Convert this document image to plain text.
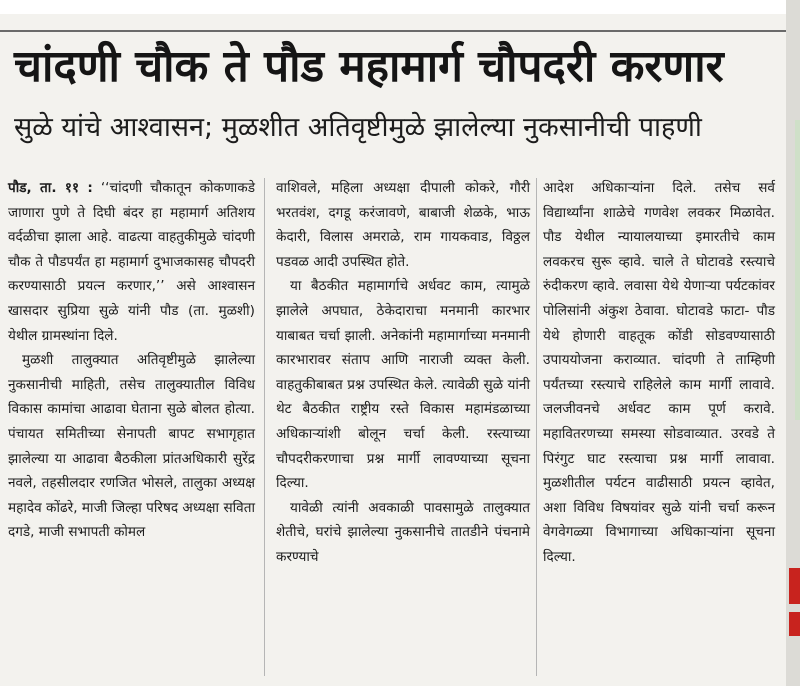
चांदणी चौक ते पौड महामार्ग चौपदरी करणार
सुळे यांचे आश्वासन; मुळशीत अतिवृष्टीमुळे झालेल्या नुकसानीची पाहणी

पौड, ता. ११ : ‘‘चांदणी चौकातून कोकणाकडे जाणारा पुणे ते दिघी बंदर हा महामार्ग अतिशय वर्दळीचा झाला आहे. वाढत्या वाहतुकीमुळे चांदणी चौक ते पौडपर्यंत हा महामार्ग दुभाजकासह चौपदरी करण्यासाठी प्रयत्न करणार,’’ असे आश्वासन खासदार सुप्रिया सुळे यांनी पौड (ता. मुळशी) येथील ग्रामस्थांना दिले.

मुळशी तालुक्यात अतिवृष्टीमुळे झालेल्या नुकसानीची माहिती, तसेच तालुक्यातील विविध विकास कामांचा आढावा घेताना सुळे बोलत होत्या. पंचायत समितीच्या सेनापती बापट सभागृहात झालेल्या या आढावा बैठकीला प्रांतअधिकारी सुरेंद्र नवले, तहसीलदार रणजित भोसले, तालुका अध्यक्ष महादेव कोंढरे, माजी जिल्हा परिषद अध्यक्षा सविता दगडे, माजी सभापती कोमल

वाशिवले, महिला अध्यक्षा दीपाली कोकरे, गौरी भरतवंश, दगडू करंजावणे, बाबाजी शेळके, भाऊ केदारी, विलास अमराळे, राम गायकवाड, विठ्ठल पडवळ आदी उपस्थित होते.

या बैठकीत महामार्गाचे अर्धवट काम, त्यामुळे झालेले अपघात, ठेकेदाराचा मनमानी कारभार याबाबत चर्चा झाली. अनेकांनी महामार्गाच्या मनमानी कारभारावर संताप आणि नाराजी व्यक्त केली. वाहतुकीबाबत प्रश्न उपस्थित केले. त्यावेळी सुळे यांनी थेट बैठकीत राष्ट्रीय रस्ते विकास महामंडळाच्या अधिकाऱ्यांशी बोलून चर्चा केली. रस्त्याच्या चौपदरीकरणाचा प्रश्न मार्गी लावण्याच्या सूचना दिल्या.

यावेळी त्यांनी अवकाळी पावसामुळे तालुक्यात शेतीचे, घरांचे झालेल्या नुकसानीचे तातडीने पंचनामे करण्याचे

आदेश अधिकाऱ्यांना दिले. तसेच सर्व विद्यार्थ्यांना शाळेचे गणवेश लवकर मिळावेत. पौड येथील न्यायालयाच्या इमारतीचे काम लवकरच सुरू व्हावे. चाले ते घोटावडे रस्त्याचे रुंदीकरण व्हावे. लवासा येथे येणाऱ्या पर्यटकांवर पोलिसांनी अंकुश ठेवावा. घोटावडे फाटा- पौड येथे होणारी वाहतूक कोंडी सोडवण्यासाठी उपाययोजना कराव्यात. चांदणी ते ताम्हिणी पर्यंतच्या रस्त्याचे राहिलेले काम मार्गी लावावे. जलजीवनचे अर्धवट काम पूर्ण करावे. महावितरणच्या समस्या सोडवाव्यात. उरवडे ते पिरंगुट घाट रस्त्याचा प्रश्न मार्गी लावावा. मुळशीतील पर्यटन वाढीसाठी प्रयत्न व्हावेत, अशा विविध विषयांवर सुळे यांनी चर्चा करून वेगवेगळ्या विभागाच्या अधिकाऱ्यांना सूचना दिल्या.
